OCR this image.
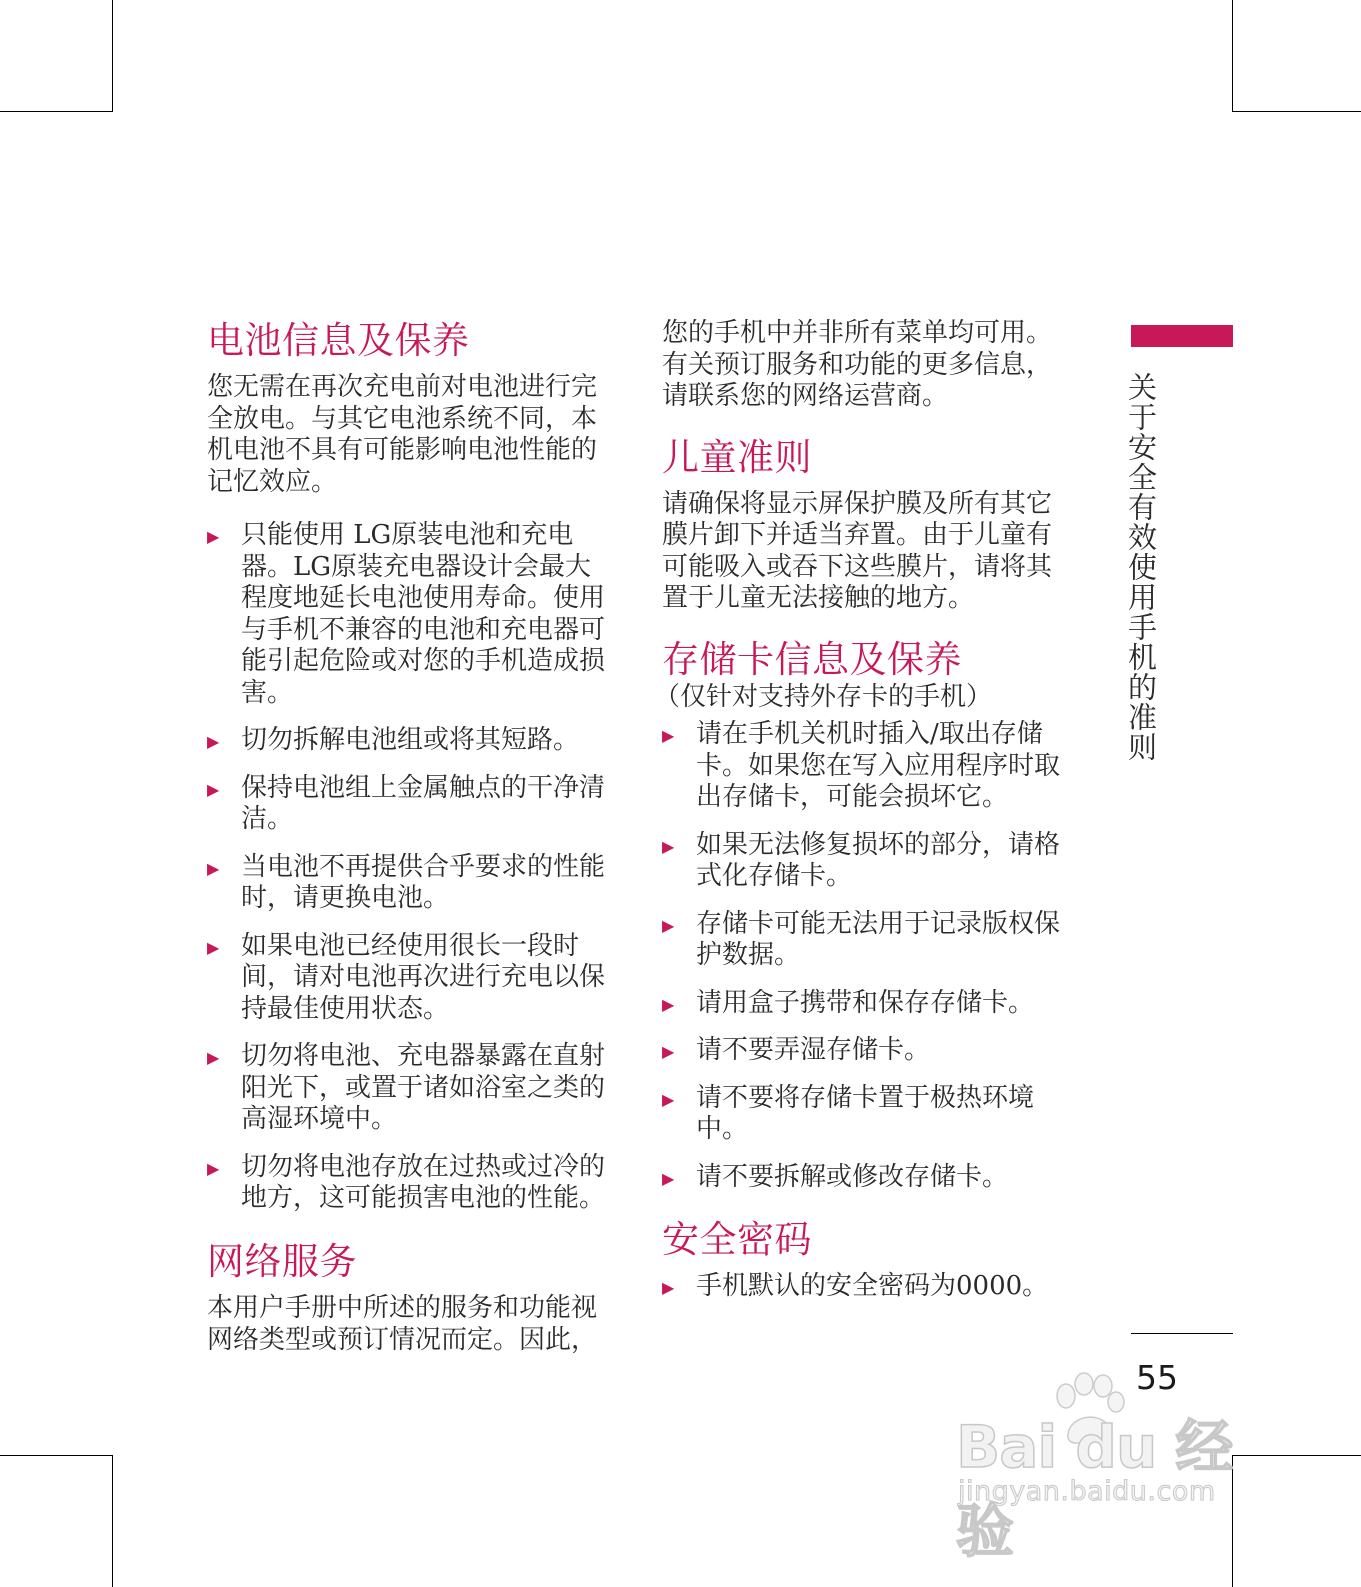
电池信息及保养

您无需在再次充电前对电池进行完全放电。与其它电池系统不同，本机电池不具有可能影响电池性能的记忆效应。

▶ 只能使用 LG原装电池和充电器。LG原装充电器设计会最大程度地延长电池使用寿命。使用与手机不兼容的电池和充电器可能引起危险或对您的手机造成损害。
▶ 切勿拆解电池组或将其短路。
▶ 保持电池组上金属触点的干净清洁。
▶ 当电池不再提供合乎要求的性能时，请更换电池。
▶ 如果电池已经使用很长一段时间，请对电池再次进行充电以保持最佳使用状态。
▶ 切勿将电池、充电器暴露在直射阳光下，或置于诸如浴室之类的高湿环境中。
▶ 切勿将电池存放在过热或过冷的地方，这可能损害电池的性能。
网络服务

本用户手册中所述的服务和功能视网络类型或预订情况而定。因此，

您的手机中并非所有菜单均可用。有关预订服务和功能的更多信息，请联系您的网络运营商。

儿童准则

请确保将显示屏保护膜及所有其它膜片卸下并适当弃置。由于儿童有可能吸入或吞下这些膜片，请将其置于儿童无法接触的地方。

存储卡信息及保养
（仅针对支持外存卡的手机）
▶ 请在手机关机时插入/取出存储卡。如果您在写入应用程序时取出存储卡，可能会损坏它。
▶ 如果无法修复损坏的部分，请格式化存储卡。
▶ 存储卡可能无法用于记录版权保护数据。
▶ 请用盒子携带和保存存储卡。
▶ 请不要弄湿存储卡。
▶ 请不要将存储卡置于极热环境中。
▶ 请不要拆解或修改存储卡。
安全密码
▶ 手机默认的安全密码为0000。
关于安全有效使用手机的准则
55
Bai du 经验
jingyan.baidu.com
